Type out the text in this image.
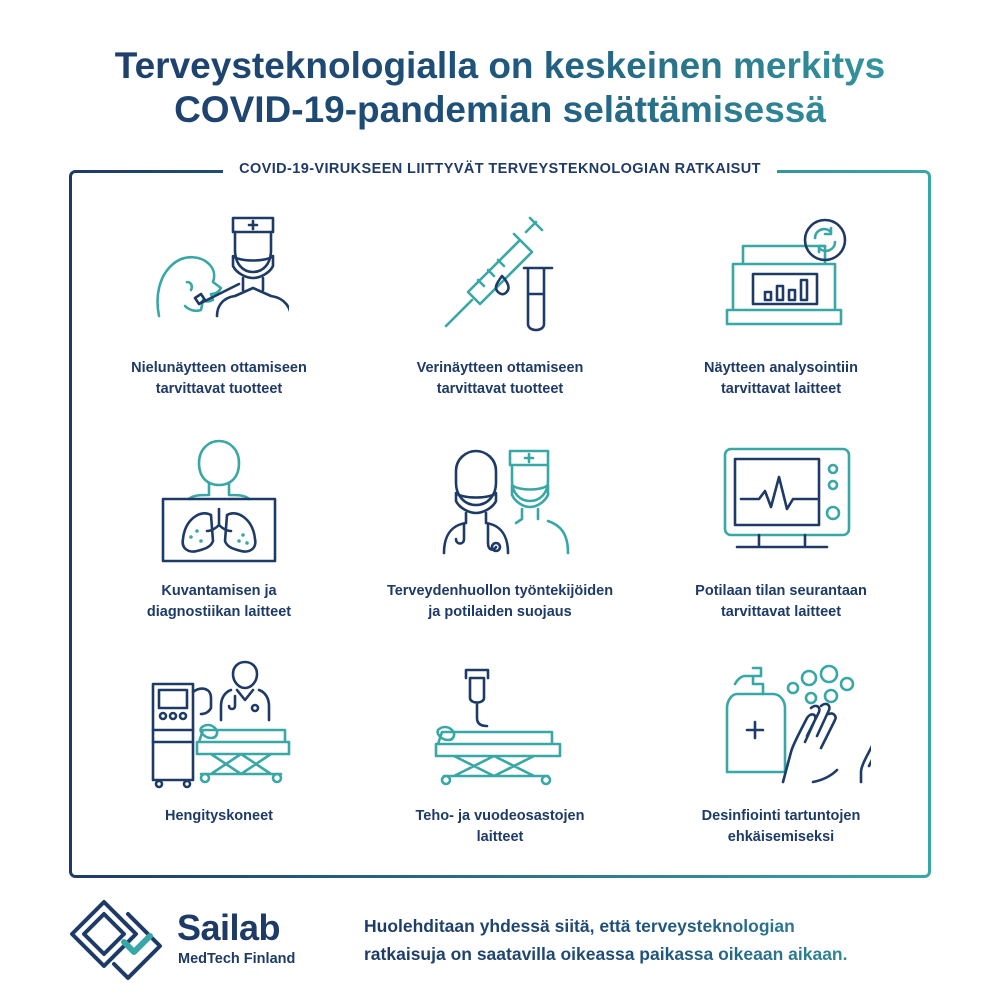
Terveysteknologialla on keskeinen merkitys
COVID-19-pandemian selättämisessä
COVID-19-VIRUKSEEN LIITTYVÄT TERVEYSTEKNOLOGIAN RATKAISUT
Nielunäytteen ottamiseen
tarvittavat tuotteet
Verinäytteen ottamiseen
tarvittavat tuotteet
Näytteen analysointiin
tarvittavat laitteet
Kuvantamisen ja
diagnostiikan laitteet
Terveydenhuollon työntekijöiden
ja potilaiden suojaus
Potilaan tilan seurantaan
tarvittavat laitteet
Hengityskoneet	Teho- ja vuodeosastojen
laitteet
Desinfiointi tartuntojen
ehkäisemiseksi
Sailab
MedTech Finland
Huolehditaan yhdessä siitä, että terveysteknologian
ratkaisuja on saatavilla oikeassa paikassa oikeaan aikaan.
